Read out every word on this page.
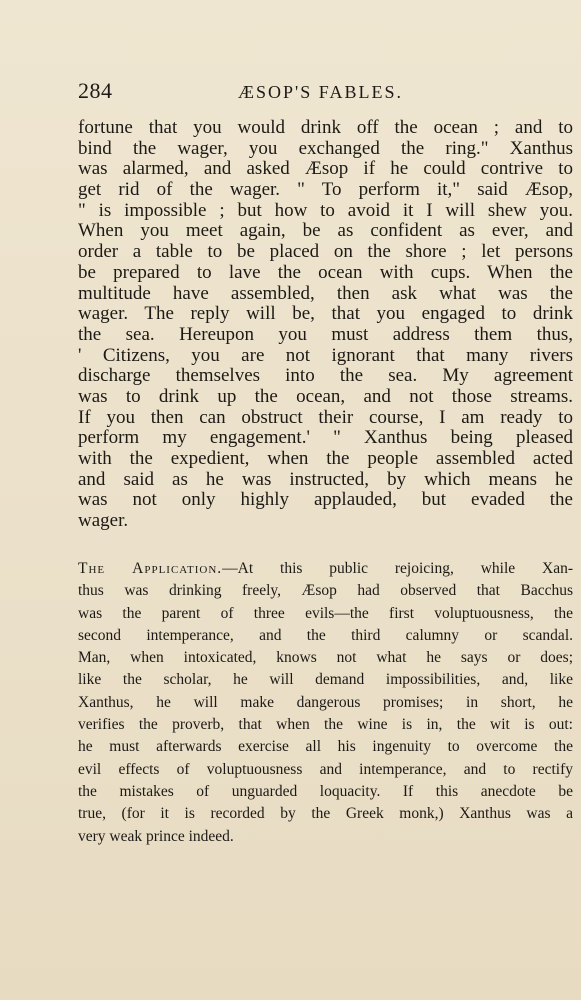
284	ÆSOP'S FABLES.
fortune that you would drink off the ocean ; and to
bind the wager, you exchanged the ring." Xanthus
was alarmed, and asked Æsop if he could contrive to
get rid of the wager. " To perform it," said Æsop,
" is impossible ; but how to avoid it I will shew you.
When you meet again, be as confident as ever, and
order a table to be placed on the shore ; let persons
be prepared to lave the ocean with cups. When the
multitude have assembled, then ask what was the
wager. The reply will be, that you engaged to drink
the sea. Hereupon you must address them thus,
' Citizens, you are not ignorant that many rivers
discharge themselves into the sea. My agreement
was to drink up the ocean, and not those streams.
If you then can obstruct their course, I am ready to
perform my engagement.' " Xanthus being pleased
with the expedient, when the people assembled acted
and said as he was instructed, by which means he
was not only highly applauded, but evaded the
wager.
The Application.—At this public rejoicing, while Xan-
thus was drinking freely, Æsop had observed that Bacchus
was the parent of three evils—the first voluptuousness, the
second intemperance, and the third calumny or scandal.
Man, when intoxicated, knows not what he says or does;
like the scholar, he will demand impossibilities, and, like
Xanthus, he will make dangerous promises; in short, he
verifies the proverb, that when the wine is in, the wit is out:
he must afterwards exercise all his ingenuity to overcome the
evil effects of voluptuousness and intemperance, and to rectify
the mistakes of unguarded loquacity. If this anecdote be
true, (for it is recorded by the Greek monk,) Xanthus was a
very weak prince indeed.
